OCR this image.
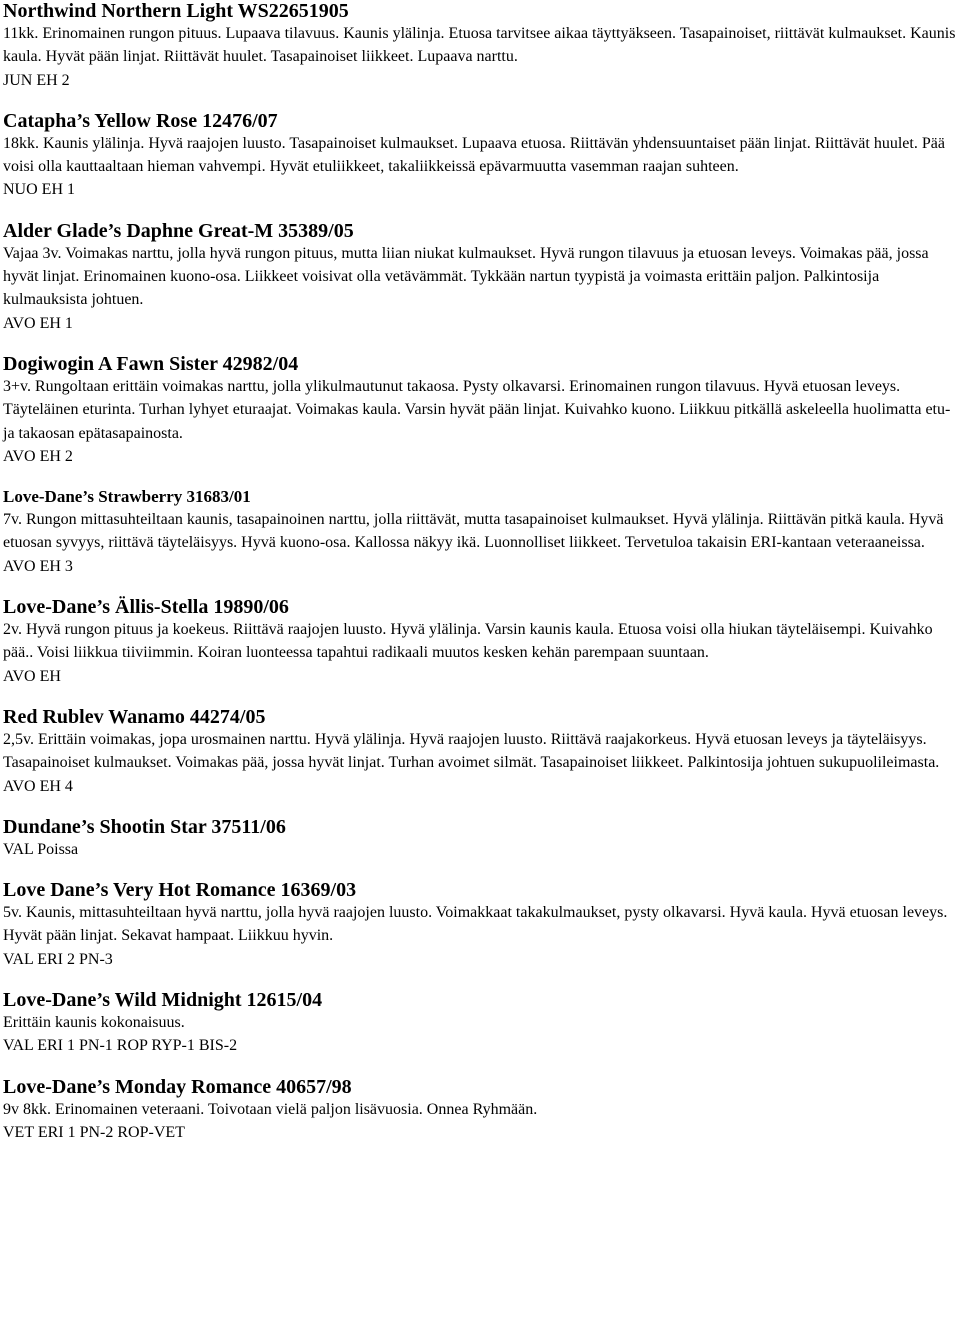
Northwind Northern Light WS22651905
11kk. Erinomainen rungon pituus. Lupaava tilavuus. Kaunis ylälinja. Etuosa tarvitsee aikaa täyttyäkseen. Tasapainoiset, riittävät kulmaukset. Kaunis kaula. Hyvät pään linjat. Riittävät huulet. Tasapainoiset liikkeet. Lupaava narttu.
JUN EH 2
Catapha’s Yellow Rose 12476/07
18kk. Kaunis ylälinja. Hyvä raajojen luusto. Tasapainoiset kulmaukset. Lupaava etuosa. Riittävän yhdensuuntaiset pään linjat. Riittävät huulet. Pää voisi olla kauttaaltaan hieman vahvempi. Hyvät etuliikkeet, takaliikkeissä epävarmuutta vasemman raajan suhteen.
NUO EH 1
Alder Glade’s Daphne Great-M 35389/05
Vajaa 3v. Voimakas narttu, jolla hyvä rungon pituus, mutta liian niukat kulmaukset. Hyvä rungon tilavuus ja etuosan leveys. Voimakas pää, jossa hyvät linjat. Erinomainen kuono-osa. Liikkeet voisivat olla vetävämmät. Tykkään nartun tyypistä ja voimasta erittäin paljon. Palkintosija kulmauksista johtuen.
AVO EH 1
Dogiwogin A Fawn Sister 42982/04
3+v. Rungoltaan erittäin voimakas narttu, jolla ylikulmautunut takaosa. Pysty olkavarsi. Erinomainen rungon tilavuus. Hyvä etuosan leveys. Täyteläinen eturinta. Turhan lyhyet eturaajat. Voimakas kaula. Varsin hyvät pään linjat. Kuivahko kuono. Liikkuu pitkällä askeleella huolimatta etu- ja takaosan epätasapainosta.
AVO EH 2
Love-Dane’s Strawberry 31683/01
7v. Rungon mittasuhteiltaan kaunis, tasapainoinen narttu, jolla riittävät, mutta tasapainoiset kulmaukset. Hyvä ylälinja. Riittävän pitkä kaula. Hyvä etuosan syvyys, riittävä täyteläisyys. Hyvä kuono-osa. Kallossa näkyy ikä. Luonnolliset liikkeet. Tervetuloa takaisin ERI-kantaan veteraaneissa.
AVO EH 3
Love-Dane’s Ällis-Stella 19890/06
2v. Hyvä rungon pituus ja koekeus. Riittävä raajojen luusto. Hyvä ylälinja. Varsin kaunis kaula. Etuosa voisi olla hiukan täyteläisempi. Kuivahko pää.. Voisi liikkua tiiviimmin. Koiran luonteessa tapahtui radikaali muutos kesken kehän parempaan suuntaan.
AVO EH
Red Rublev Wanamo 44274/05
2,5v. Erittäin voimakas, jopa urosmainen narttu. Hyvä ylälinja. Hyvä raajojen luusto. Riittävä raajakorkeus. Hyvä etuosan leveys ja täyteläisyys. Tasapainoiset kulmaukset. Voimakas pää, jossa hyvät linjat. Turhan avoimet silmät. Tasapainoiset liikkeet. Palkintosija johtuen sukupuolileimasta.
AVO EH 4
Dundane’s Shootin Star 37511/06
VAL Poissa
Love Dane’s Very Hot Romance 16369/03
5v. Kaunis, mittasuhteiltaan hyvä narttu, jolla hyvä raajojen luusto. Voimakkaat takakulmaukset, pysty olkavarsi. Hyvä kaula. Hyvä etuosan leveys. Hyvät pään linjat. Sekavat hampaat. Liikkuu hyvin.
VAL ERI 2 PN-3
Love-Dane’s Wild Midnight 12615/04
Erittäin kaunis kokonaisuus.
VAL ERI 1 PN-1 ROP RYP-1 BIS-2
Love-Dane’s Monday Romance 40657/98
9v 8kk. Erinomainen veteraani. Toivotaan vielä paljon lisävuosia. Onnea Ryhmään.
VET ERI 1 PN-2 ROP-VET
